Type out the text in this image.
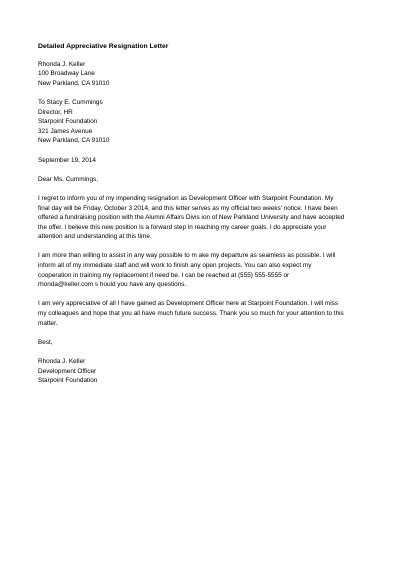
Detailed Appreciative Resignation Letter
Rhonda J. Keller
100 Broadway Lane
New Parkland, CA 91010
To Stacy E. Cummings
Director, HR
Starpoint Foundation
321 James Avenue
New Parkland, CA 91010
September 19, 2014
Dear Ms. Cummings,

I regret to inform you of my impending resignation as Development Officer with Starpoint Foundation. My
final day will be Friday, October 3 2014, and this letter serves as my official two weeks' notice. I have been
offered a fundraising position with the Alumni Affairs Divis ion of New Parkland University and have accepted
the offer. I believe this new position is a forward step in reaching my career goals. I do appreciate your
attention and understanding at this time.

I am more than willing to assist in any way possible to m ake my departure as seamless as possible. I will
inform all of my immediate staff and will work to finish any open projects. You can also expect my
cooperation in training my replacement if need be. I can be reached at (555) 555-5555 or
rhonda@keller.com s hould you have any questions.

I am very appreciative of all I have gained as Development Officer here at Starpoint Foundation. I will miss
my colleagues and hope that you all have much future success. Thank you so much for your attention to this
matter.

Best,
Rhonda J. Keller
Development Officer
Starpoint Foundation
